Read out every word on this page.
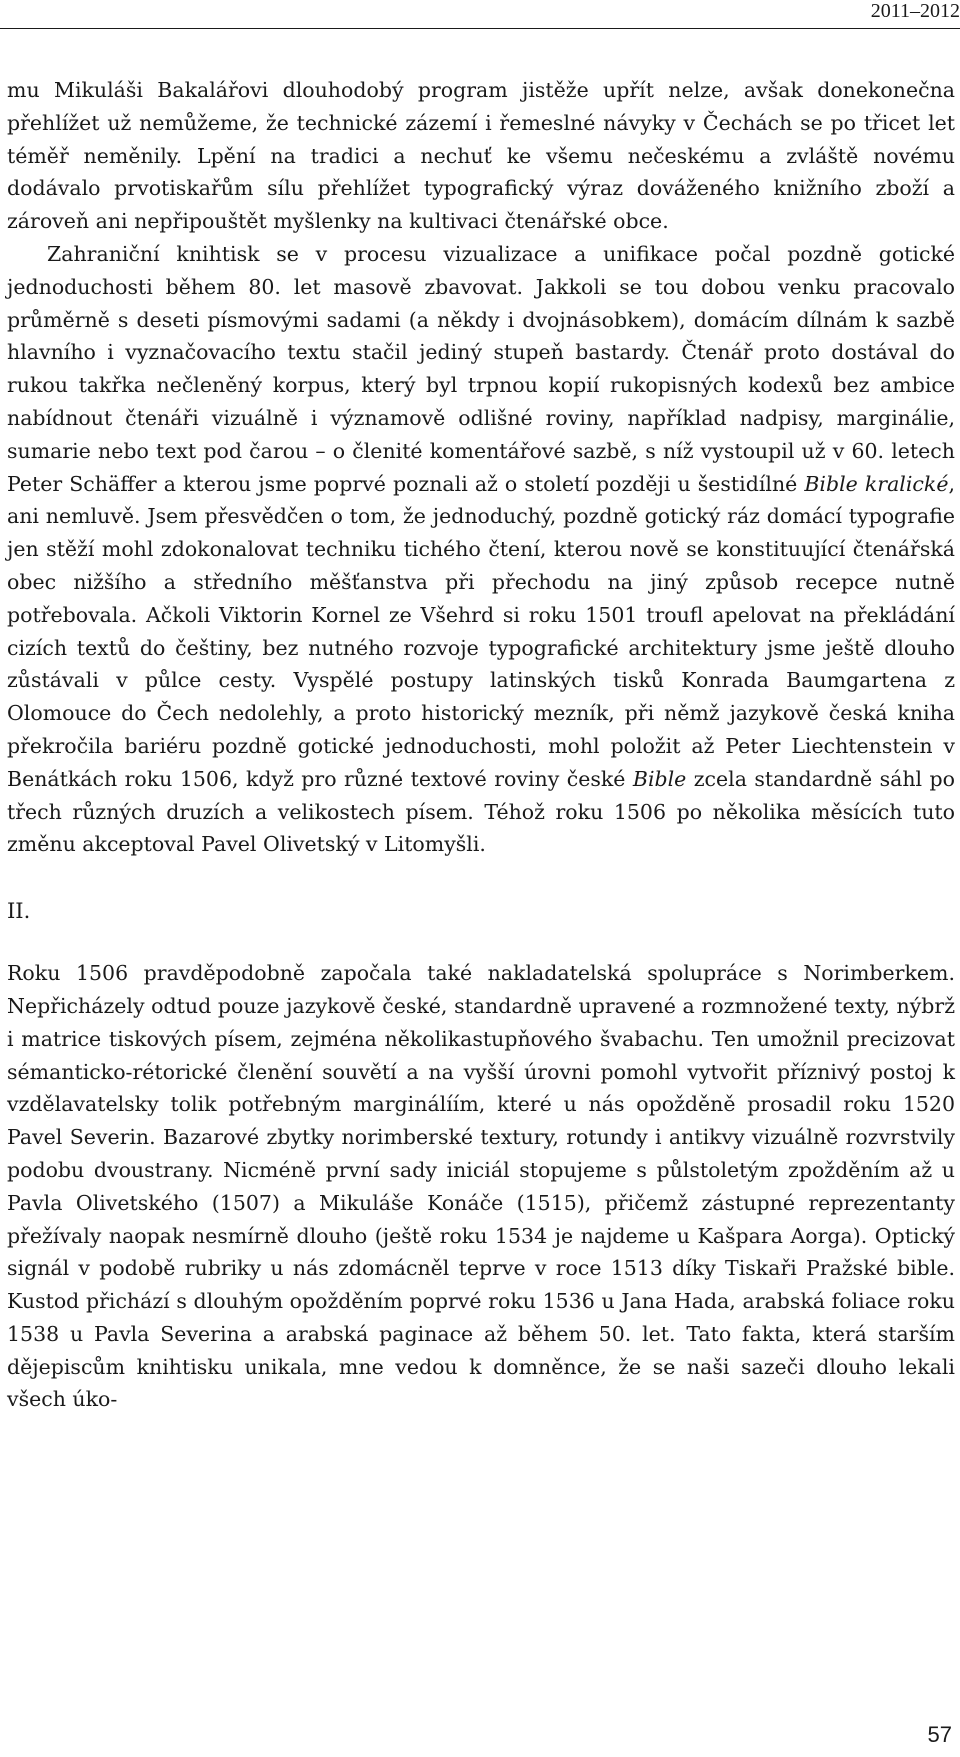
2011–2012

mu Mikuláši Bakalářovi dlouhodobý program jistěže upřít nelze, avšak donekonečna přehlížet už nemůžeme, že technické zázemí i řemeslné návyky v Čechách se po třicet let téměř neměnily. Lpění na tradici a nechuť ke všemu nečeskému a zvláště novému dodávalo prvotiskařům sílu přehlížet typografický výraz dováženého knižního zboží a zároveň ani nepřipouštět myšlenky na kultivaci čtenářské obce.

Zahraniční knihtisk se v procesu vizualizace a unifikace počal pozdně gotické jednoduchosti během 80. let masově zbavovat. Jakkoli se tou dobou venku pracovalo průměrně s deseti písmovými sadami (a někdy i dvojnásobkem), domácím dílnám k sazbě hlavního i vyznačovacího textu stačil jediný stupeň bastardy. Čtenář proto dostával do rukou takřka nečleněný korpus, který byl trpnou kopií rukopisných kodexů bez ambice nabídnout čtenáři vizuálně i významově odlišné roviny, například nadpisy, marginálie, sumarie nebo text pod čarou – o členité komentářové sazbě, s níž vystoupil už v 60. letech Peter Schäffer a kterou jsme poprvé poznali až o století později u šestidílné Bible kralické, ani nemluvě. Jsem přesvědčen o tom, že jednoduchý, pozdně gotický ráz domácí typografie jen stěží mohl zdokonalovat techniku tichého čtení, kterou nově se konstituující čtenářská obec nižšího a středního měšťanstva při přechodu na jiný způsob recepce nutně potřebovala. Ačkoli Viktorin Kornel ze Všehrd si roku 1501 troufl apelovat na překládání cizích textů do češtiny, bez nutného rozvoje typografické architektury jsme ještě dlouho zůstávali v půlce cesty. Vyspělé postupy latinských tisků Konrada Baumgartena z Olomouce do Čech nedolehly, a proto historický mezník, při němž jazykově česká kniha překročila bariéru pozdně gotické jednoduchosti, mohl položit až Peter Liechtenstein v Benátkách roku 1506, když pro různé textové roviny české Bible zcela standardně sáhl po třech různých druzích a velikostech písem. Téhož roku 1506 po několika měsících tuto změnu akceptoval Pavel Olivetský v Litomyšli.

II.

Roku 1506 pravděpodobně započala také nakladatelská spolupráce s Norimberkem. Nepřicházely odtud pouze jazykově české, standardně upravené a rozmnožené texty, nýbrž i matrice tiskových písem, zejména několikastupňového švabachu. Ten umožnil precizovat sémanticko-rétorické členění souvětí a na vyšší úrovni pomohl vytvořit příznivý postoj k vzdělavatelsky tolik potřebným marginálíím, které u nás opožděně prosadil roku 1520 Pavel Severin. Bazarové zbytky norimberské textury, rotundy i antikvy vizuálně rozvrstvily podobu dvoustrany. Nicméně první sady iniciál stopujeme s půlstoletým zpožděním až u Pavla Olivetského (1507) a Mikuláše Konáče (1515), přičemž zástupné reprezentanty přežívaly naopak nesmírně dlouho (ještě roku 1534 je najdeme u Kašpara Aorga). Optický signál v podobě rubriky u nás zdomácněl teprve v roce 1513 díky Tiskaři Pražské bible. Kustod přichází s dlouhým opožděním poprvé roku 1536 u Jana Hada, arabská foliace roku 1538 u Pavla Severina a arabská paginace až během 50. let. Tato fakta, která starším dějepiscům knihtisku unikala, mne vedou k domněnce, že se naši sazeči dlouho lekali všech úko-

57
